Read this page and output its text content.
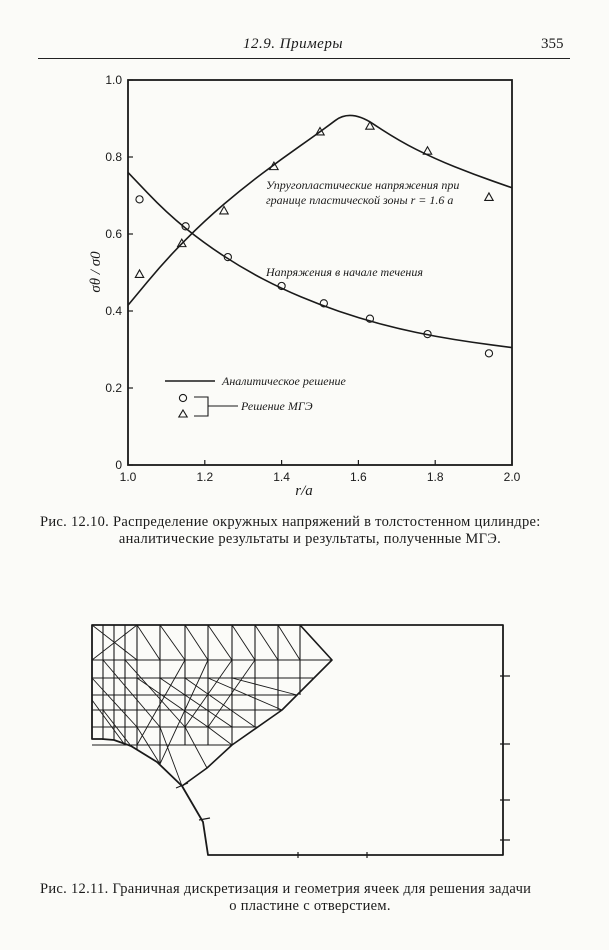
12.9. Примеры	355
1.0	1.2	1.4	1.6	1.8	2.0
0
0.2
0.4
0.6
0.8
1.0
r/a
σθ / σ0
Упругопластические напряжения при
границе пластической зоны r = 1.6 a
Напряжения в начале течения
Аналитическое решение
Решение МГЭ
Рис. 12.10. Распределение окружных напряжений в толстостенном цилиндре:
аналитические результаты и результаты, полученные МГЭ.
Рис. 12.11. Граничная дискретизация и геометрия ячеек для решения задачи
о пластине с отверстием.
